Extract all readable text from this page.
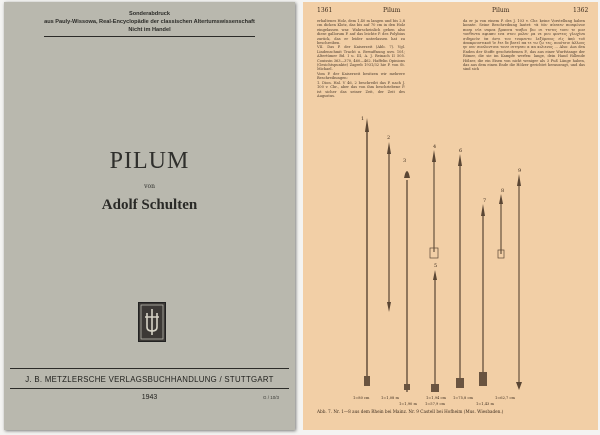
Sonderabdruck
aus Pauly-Wissowa, Real-Encyclopädie der classischen Altertumswissenschaft
Nicht im Handel
PILUM
von
Adolf Schulten
J. B. METZLERSCHE VERLAGSBUCHHANDLUNG / STUTTGART
1943	G / 10/3
1361	Pilum	Pilum	1362

erhaltenes Holz, dem 1,40 m langen und bis 2,8 cm dicken Klotz, das bis auf 70 cm in den Holz eingelassen war. Wahrscheinlich gehen also diese gallorum P. auf das leichte P. des Polybius zurück, das er leider unterlassen hat zu beschreiben.

VII. Das P. der Kaiserzeit (Abb. 7). Vgl. Lindenschmit Tracht u. Bewaffnung usw. 10f.; Altertümer Bd. I u. III, A. J. Reinach II 505. Couissin 363—370, 460—462. Haffelin Opinions (Gesichtspunkte) Zagreb 1931/32 hie P. von St. Michael.

Vom P. der Kaiserzeit besitzen wir mehrere Beschreibungen:

1. Dion. Hal. V 46, 2 beschreibt das P. nach J. 100 v. Chr., aber das von ihm beschriebene P. ist sicher das seiner Zeit, der Zeit des Augustus.

da er ja von einem P. des J. 103 v. Chr. keine Vorstellung haben konnte. Seine Beschreibung lautet: τὰ ὑὸν αὐσσεν ποσφώνον ποσμ νύε ναμεα βρανσα τεσβοι βιο σι ττετες τονυ τε μοσ τονθεντα αφιαπυ ενα στου ρολεν ρα νε μνο φοντεις γλωχίνα σιδηρούν ὑπ άντι του τνομεντο λεξόμενος εἰς ἀπὸ τοῦ ἀποκρουστικοῦ ἵν ἔτε δε βατεῖ πα τε τω ζω τες, ποιότσιν ἀλλους ην ουν σοσλοντινα τονσ σιτησσο α αα κιλιενος ... Also: Aus den Enden der Stoffe geschriebenen P., das aus einer Wurfstange der Römer, die sie im Kampfe werfen: lange, dein Hand füllende Hölzer, die ein Eisen von nicht weniger als 3 Fuß Länge haben, das aus dem einen Ende die Hölzer gerichtet herausragt, und das sind sich

Abb. 7. Nr. 1—8 aus dem Rhein bei Mainz. Nr. 9 Castell bei Hofheim (Mus. Wiesbaden.)
1
1=80 cm
2
1=1,08 m
3
1=1,90 m
4
1=1,94 cm
5
1=57,9 cm
6
1=75,8 cm
7
1=1,43 m
8
1=62,7 cm
9
